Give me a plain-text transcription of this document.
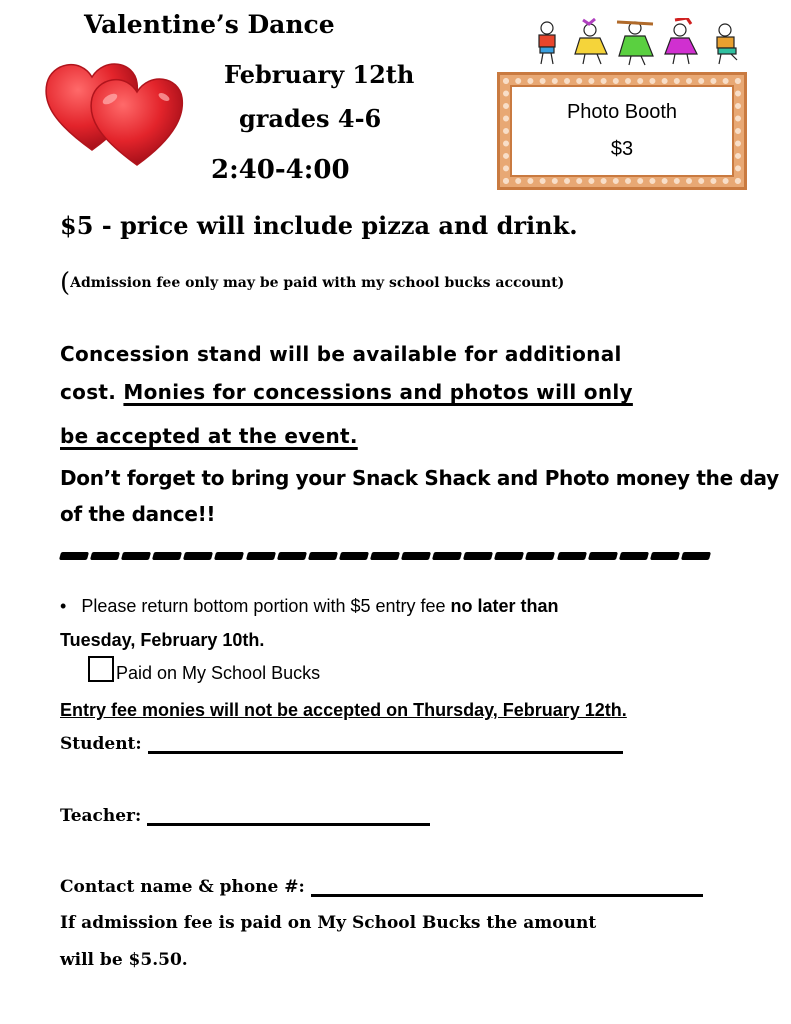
Valentine’s Dance
February 12th
grades 4-6
2:40-4:00
Photo Booth
$3
$5 - price will include pizza and drink.
(Admission fee only may be paid with my school bucks account)
Concession stand will be available for additional
cost. Monies for concessions and photos will only
be accepted at the event.
Don’t forget to bring your Snack Shack and Photo money the day
of the dance!!
• Please return bottom portion with $5 entry fee no later than
Tuesday, February 10th.
Paid on My School Bucks
Entry fee monies will not be accepted on Thursday, February 12th.
Student:
Teacher:
Contact name & phone #:
If admission fee is paid on My School Bucks the amount
will be $5.50.
